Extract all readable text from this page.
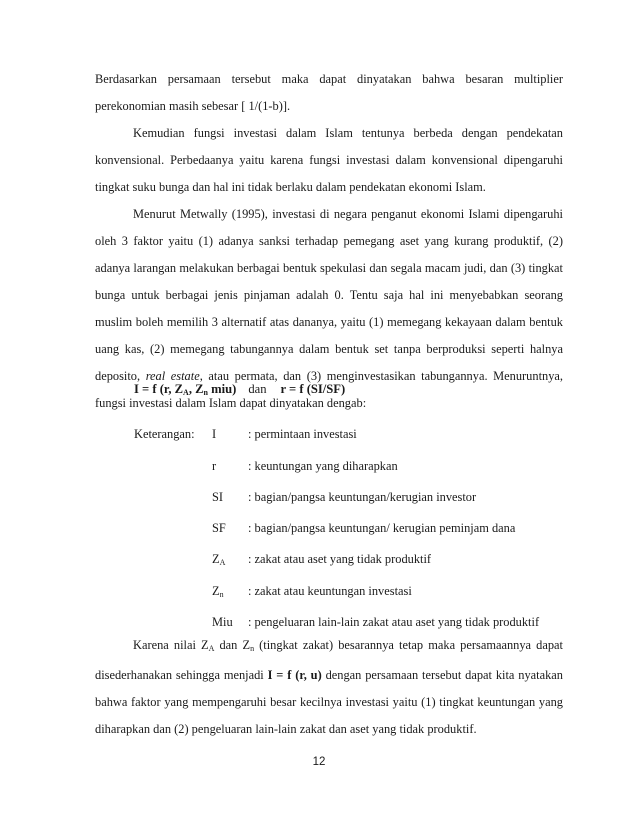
Berdasarkan persamaan tersebut maka dapat dinyatakan bahwa besaran multiplier perekonomian masih sebesar [ 1/(1-b)].

Kemudian fungsi investasi dalam Islam tentunya berbeda dengan pendekatan konvensional. Perbedaanya yaitu karena fungsi investasi dalam konvensional dipengaruhi tingkat suku bunga dan hal ini tidak berlaku dalam pendekatan ekonomi Islam.

Menurut Metwally (1995), investasi di negara penganut ekonomi Islami dipengaruhi oleh 3 faktor yaitu (1) adanya sanksi terhadap pemegang aset yang kurang produktif, (2) adanya larangan melakukan berbagai bentuk spekulasi dan segala macam judi, dan (3) tingkat bunga untuk berbagai jenis pinjaman adalah 0. Tentu saja hal ini menyebabkan seorang muslim boleh memilih 3 alternatif atas dananya, yaitu (1) memegang kekayaan dalam bentuk uang kas, (2) memegang tabungannya dalam bentuk set tanpa berproduksi seperti halnya deposito, real estate, atau permata, dan (3) menginvestasikan tabungannya. Menuruntnya, fungsi investasi dalam Islam dapat dinyatakan dengab:

I = f (r, $Z_A$, $Z_n$ miu) dan r = f (SI/SF)
Keterangan: I	: permintaan investasi
r	: keuntungan yang diharapkan
SI : bagian/pangsa keuntungan/kerugian investor
SF : bagian/pangsa keuntungan/ kerugian peminjam dana
$Z_A$ : zakat atau aset yang tidak produktif
$Z_n$ : zakat atau keuntungan investasi
Miu : pengeluaran lain-lain zakat atau aset yang tidak produktif

Karena nilai $Z_A$ dan $Z_n$ (tingkat zakat) besarannya tetap maka persamaannya dapat disederhanakan sehingga menjadi I = f (r, u) dengan persamaan tersebut dapat kita nyatakan bahwa faktor yang mempengaruhi besar kecilnya investasi yaitu (1) tingkat keuntungan yang diharapkan dan (2) pengeluaran lain-lain zakat dan aset yang tidak produktif.

12
